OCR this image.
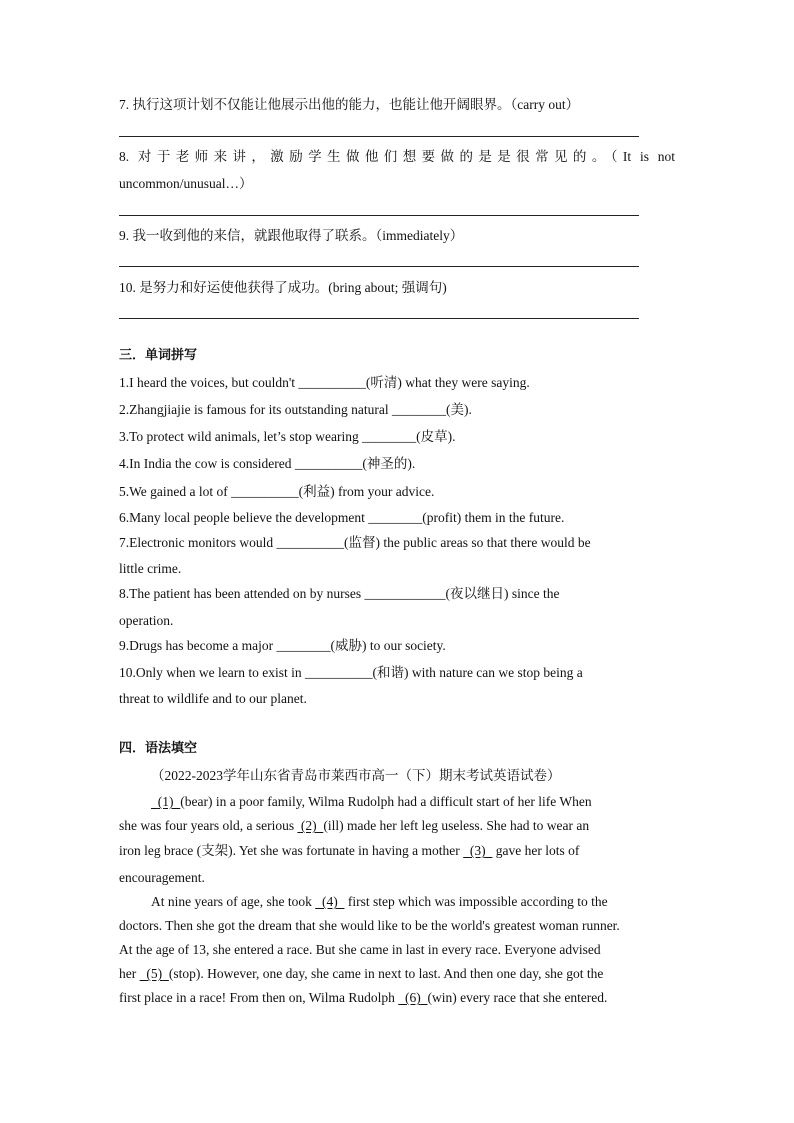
7. 执行这项计划不仅能让他展示出他的能力，也能让他开阔眼界。（carry out）
8. 对于老师来讲，激励学生做他们想要做的是是很常见的。（It is not
uncommon/unusual…）
9. 我一收到他的来信，就跟他取得了联系。（immediately）
10. 是努力和好运使他获得了成功。(bring about; 强调句)
三．单词拼写
1.I heard the voices, but couldn't __________(听清) what they were saying.
2.Zhangjiajie is famous for its outstanding natural ________(美).
3.To protect wild animals, let’s stop wearing ________(皮草).
4.In India the cow is considered __________(神圣的).
5.We gained a lot of __________(利益) from your advice.
6.Many local people believe the development ________(profit) them in the future.
7.Electronic monitors would __________(监督) the public areas so that there would be
little crime.
8.The patient has been attended on by nurses ____________(夜以继日) since the
operation.
9.Drugs has become a major ________(威胁) to our society.
10.Only when we learn to exist in __________(和谐) with nature can we stop being a
threat to wildlife and to our planet.
四．语法填空
（2022-2023学年山东省青岛市莱西市高一（下）期末考试英语试卷）
(1) (bear) in a poor family, Wilma Rudolph had a difficult start of her life When
she was four years old, a serious  (2) (ill) made her left leg useless. She had to wear an
iron leg brace (支架). Yet she was fortunate in having a mother   (3)   gave her lots of
encouragement.
At nine years of age, she took   (4)   first step which was impossible according to the
doctors. Then she got the dream that she would like to be the world's greatest woman runner.
At the age of 13, she entered a race. But she came in last in every race. Everyone advised
her   (5) (stop). However, one day, she came in next to last. And then one day, she got the
first place in a race! From then on, Wilma Rudolph   (6) (win) every race that she entered.
